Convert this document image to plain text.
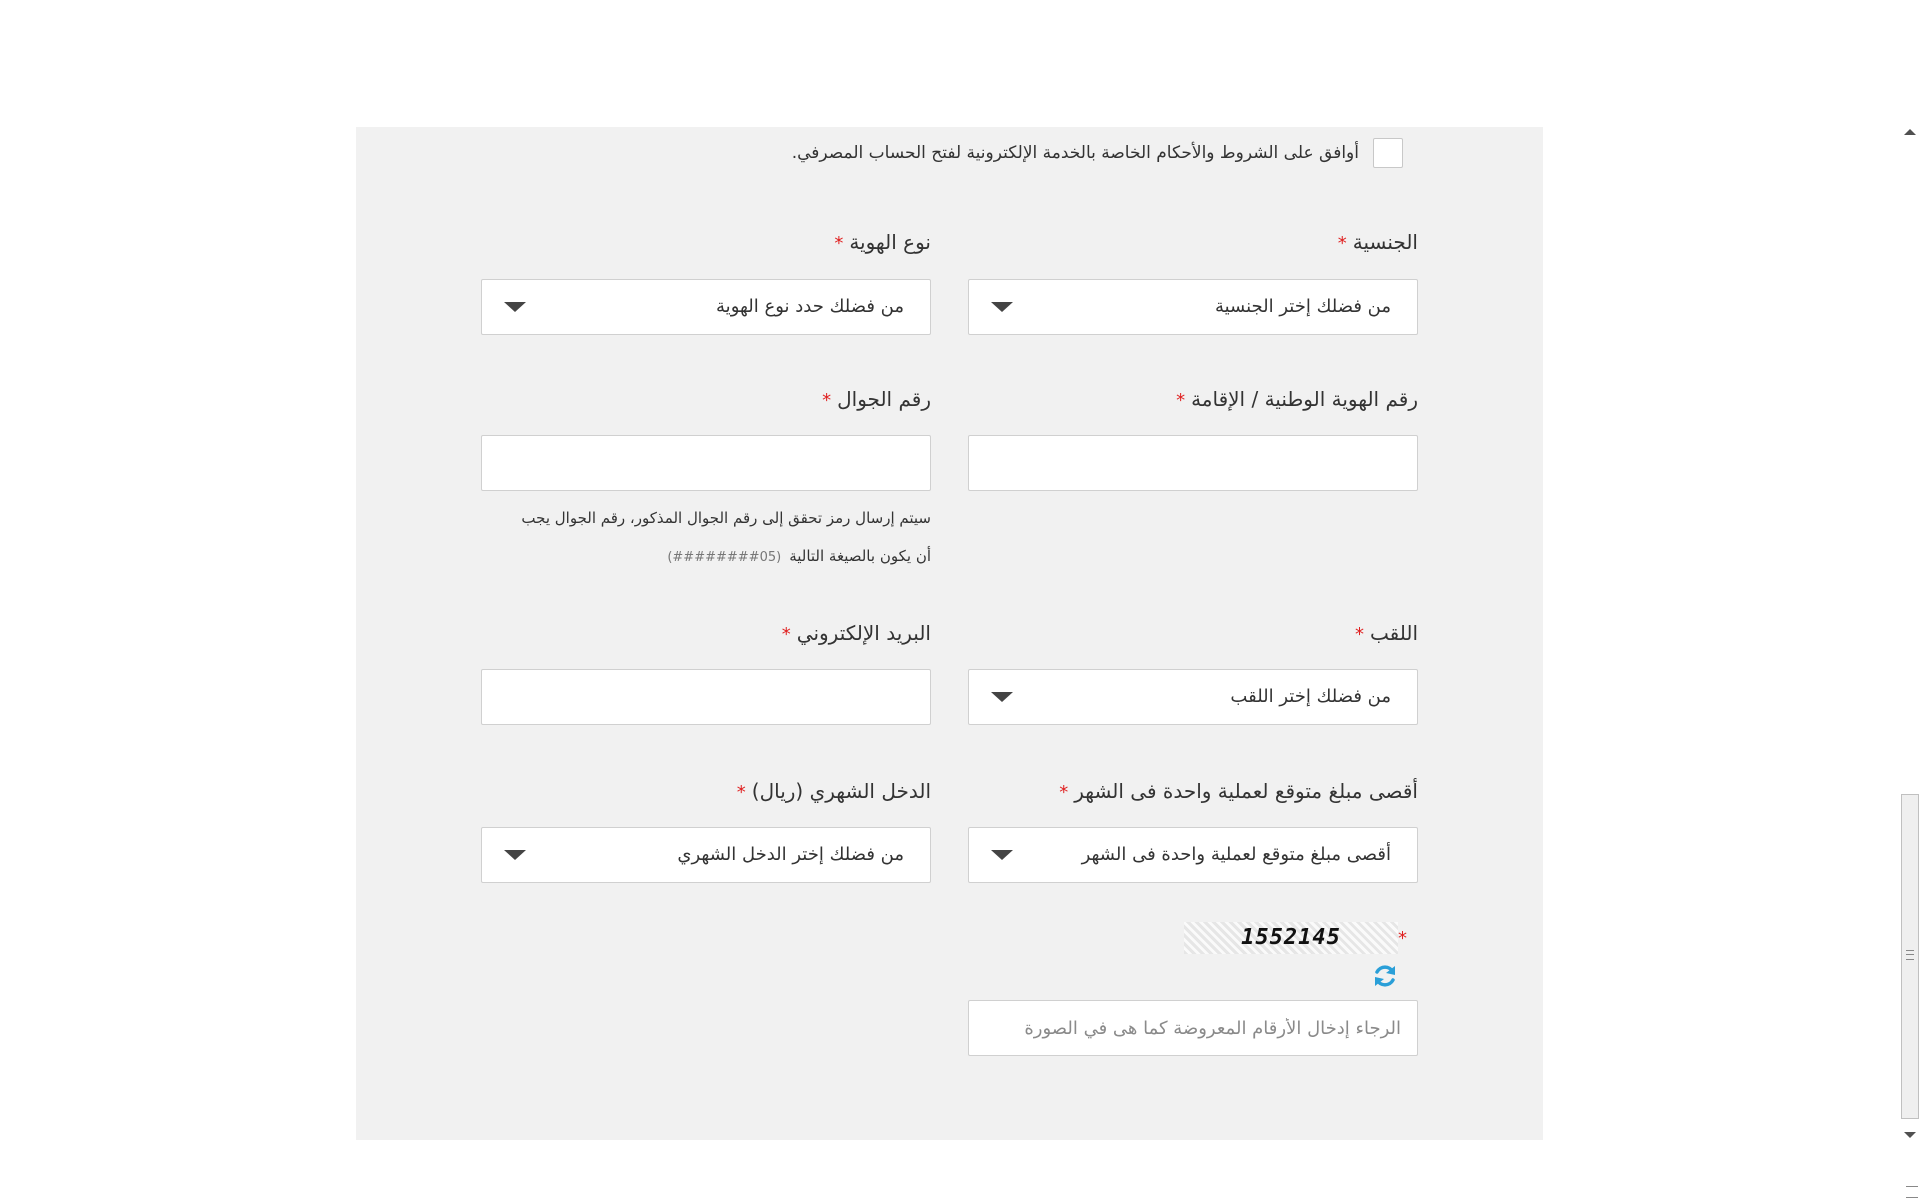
أوافق على الشروط والأحكام الخاصة بالخدمة الإلكترونية لفتح الحساب المصرفي.
الجنسية*
من فضلك إختر الجنسية
نوع الهوية*
من فضلك حدد نوع الهوية
رقم الهوية الوطنية / الإقامة*
رقم الجوال*
سيتم إرسال رمز تحقق إلى رقم الجوال المذكور، رقم الجوال يجب
أن يكون بالصيغة التالية(05########)
اللقب*
من فضلك إختر اللقب
البريد الإلكتروني*
أقصى مبلغ متوقع لعملية واحدة فى الشهر*
أقصى مبلغ متوقع لعملية واحدة فى الشهر
الدخل الشهري (ريال)*
من فضلك إختر الدخل الشهري
*
1552145
الرجاء إدخال الأرقام المعروضة كما هى في الصورة
